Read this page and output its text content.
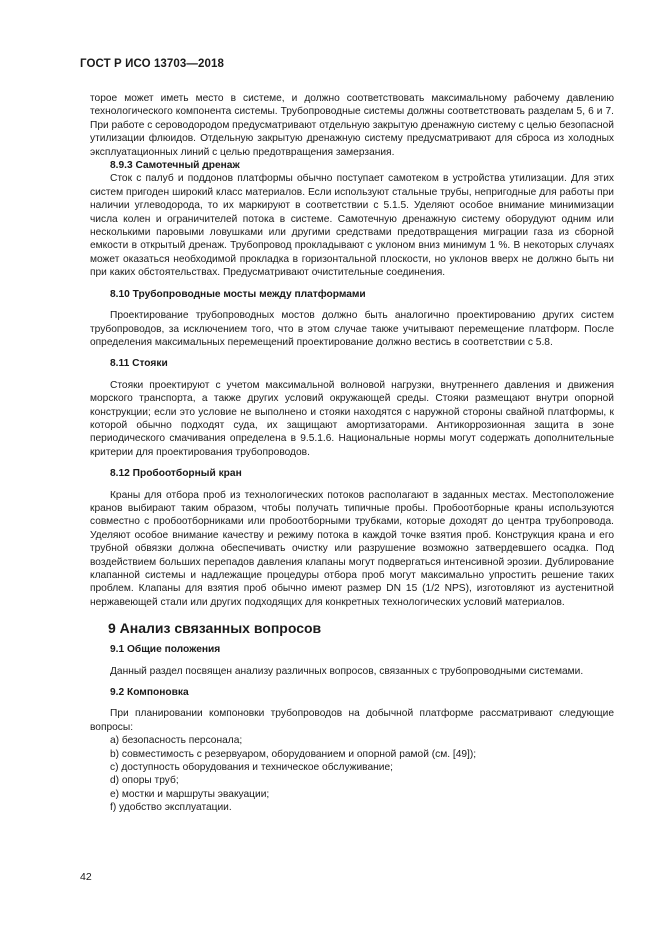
ГОСТ Р ИСО 13703—2018

торое может иметь место в системе, и должно соответствовать максимальному рабочему давлению технологического компонента системы. Трубопроводные системы должны соответствовать разделам 5, 6 и 7. При работе с сероводородом предусматривают отдельную закрытую дренажную систему с целью безопасной утилизации флюидов. Отдельную закрытую дренажную систему предусматривают для сброса из холодных эксплуатационных линий с целью предотвращения замерзания.

8.9.3 Самотечный дренаж

Сток с палуб и поддонов платформы обычно поступает самотеком в устройства утилизации. Для этих систем пригоден широкий класс материалов. Если используют стальные трубы, непригодные для работы при наличии углеводорода, то их маркируют в соответствии с 5.1.5. Уделяют особое внимание минимизации числа колен и ограничителей потока в системе. Самотечную дренажную систему оборудуют одним или несколькими паровыми ловушками или другими средствами предотвращения миграции газа из сборной емкости в открытый дренаж. Трубопровод прокладывают с уклоном вниз минимум 1 %. В некоторых случаях может оказаться необходимой прокладка в горизонтальной плоскости, но уклонов вверх не должно быть ни при каких обстоятельствах. Предусматривают очистительные соединения.

8.10 Трубопроводные мосты между платформами

Проектирование трубопроводных мостов должно быть аналогично проектированию других систем трубопроводов, за исключением того, что в этом случае также учитывают перемещение платформ. После определения максимальных перемещений проектирование должно вестись в соответствии с 5.8.

8.11 Стояки

Стояки проектируют с учетом максимальной волновой нагрузки, внутреннего давления и движения морского транспорта, а также других условий окружающей среды. Стояки размещают внутри опорной конструкции; если это условие не выполнено и стояки находятся с наружной стороны свайной платформы, к которой обычно подходят суда, их защищают амортизаторами. Антикоррозионная защита в зоне периодического смачивания определена в 9.5.1.6. Национальные нормы могут содержать дополнительные критерии для проектирования трубопроводов.

8.12 Пробоотборный кран

Краны для отбора проб из технологических потоков располагают в заданных местах. Местоположение кранов выбирают таким образом, чтобы получать типичные пробы. Пробоотборные краны используются совместно с пробоотборниками или пробоотборными трубками, которые доходят до центра трубопровода. Уделяют особое внимание качеству и режиму потока в каждой точке взятия проб. Конструкция крана и его трубной обвязки должна обеспечивать очистку или разрушение возможно затвердевшего осадка. Под воздействием больших перепадов давления клапаны могут подвергаться интенсивной эрозии. Дублирование клапанной системы и надлежащие процедуры отбора проб могут максимально упростить решение таких проблем. Клапаны для взятия проб обычно имеют размер DN 15 (1/2 NPS), изготовляют из аустенитной нержавеющей стали или других подходящих для конкретных технологических условий материалов.

9 Анализ связанных вопросов
9.1 Общие положения

Данный раздел посвящен анализу различных вопросов, связанных с трубопроводными системами.

9.2 Компоновка

При планировании компоновки трубопроводов на добычной платформе рассматривают следующие вопросы:

a) безопасность персонала;
b) совместимость с резервуаром, оборудованием и опорной рамой (см. [49]);
c) доступность оборудования и техническое обслуживание;
d) опоры труб;
e) мостки и маршруты эвакуации;
f) удобство эксплуатации.
42
